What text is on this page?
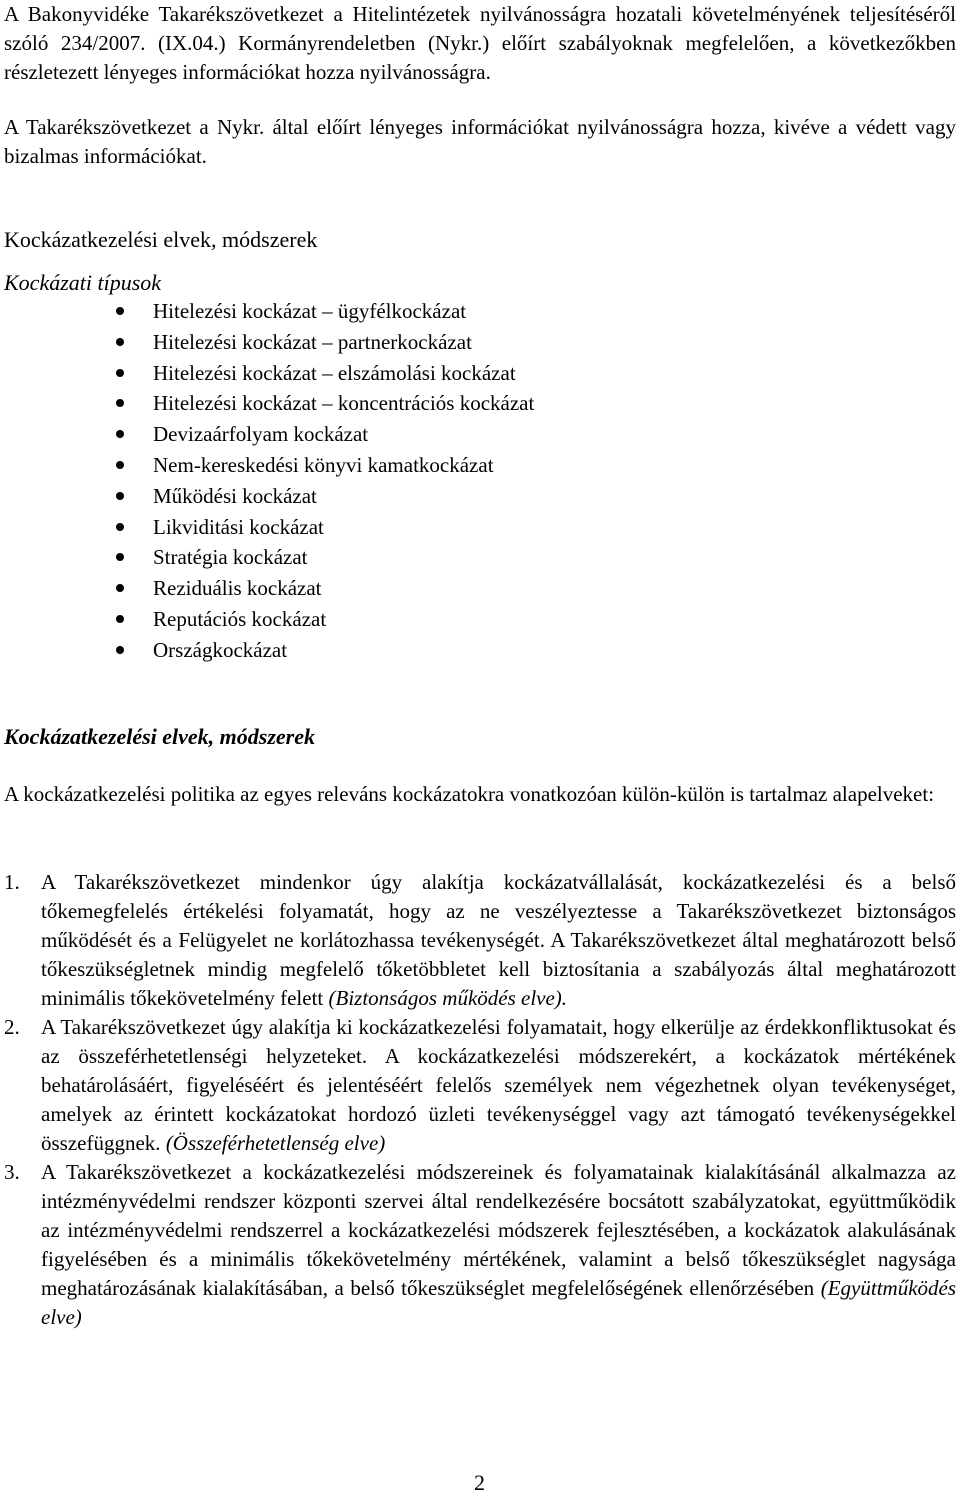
A Bakonyvidéke Takarékszövetkezet a Hitelintézetek nyilvánosságra hozatali követelményének teljesítéséről szóló 234/2007. (IX.04.) Kormányrendeletben (Nykr.) előírt szabályoknak megfelelően, a következőkben részletezett lényeges információkat hozza nyilvánosságra.

A Takarékszövetkezet a Nykr. által előírt lényeges információkat nyilvánosságra hozza, kivéve a védett vagy bizalmas információkat.

Kockázatkezelési elvek, módszerek
Kockázati típusok
Hitelezési kockázat – ügyfélkockázat
Hitelezési kockázat – partnerkockázat
Hitelezési kockázat – elszámolási kockázat
Hitelezési kockázat – koncentrációs kockázat
Devizaárfolyam kockázat
Nem-kereskedési könyvi kamatkockázat
Működési kockázat
Likviditási kockázat
Stratégia kockázat
Reziduális kockázat
Reputációs kockázat
Országkockázat
Kockázatkezelési elvek, módszerek

A kockázatkezelési politika az egyes releváns kockázatokra vonatkozóan külön-külön is tartalmaz alapelveket:

1. A Takarékszövetkezet mindenkor úgy alakítja kockázatvállalását, kockázatkezelési és a belső tőkemegfelelés értékelési folyamatát, hogy az ne veszélyeztesse a Takarékszövetkezet biztonságos működését és a Felügyelet ne korlátozhassa tevékenységét. A Takarékszövetkezet által meghatározott belső tőkeszükségletnek mindig megfelelő tőketöbbletet kell biztosítania a szabályozás által meghatározott minimális tőkekövetelmény felett (Biztonságos működés elve).

2. A Takarékszövetkezet úgy alakítja ki kockázatkezelési folyamatait, hogy elkerülje az érdekkonfliktusokat és az összeférhetetlenségi helyzeteket. A kockázatkezelési módszerekért, a kockázatok mértékének behatárolásáért, figyeléséért és jelentéséért felelős személyek nem végezhetnek olyan tevékenységet, amelyek az érintett kockázatokat hordozó üzleti tevékenységgel vagy azt támogató tevékenységekkel összefüggnek. (Összeférhetetlenség elve)

3. A Takarékszövetkezet a kockázatkezelési módszereinek és folyamatainak kialakításánál alkalmazza az intézményvédelmi rendszer központi szervei által rendelkezésére bocsátott szabályzatokat, együttműködik az intézményvédelmi rendszerrel a kockázatkezelési módszerek fejlesztésében, a kockázatok alakulásának figyelésében és a minimális tőkekövetelmény mértékének, valamint a belső tőkeszükséglet nagysága meghatározásának kialakításában, a belső tőkeszükséglet megfelelőségének ellenőrzésében (Együttműködés elve)

2
